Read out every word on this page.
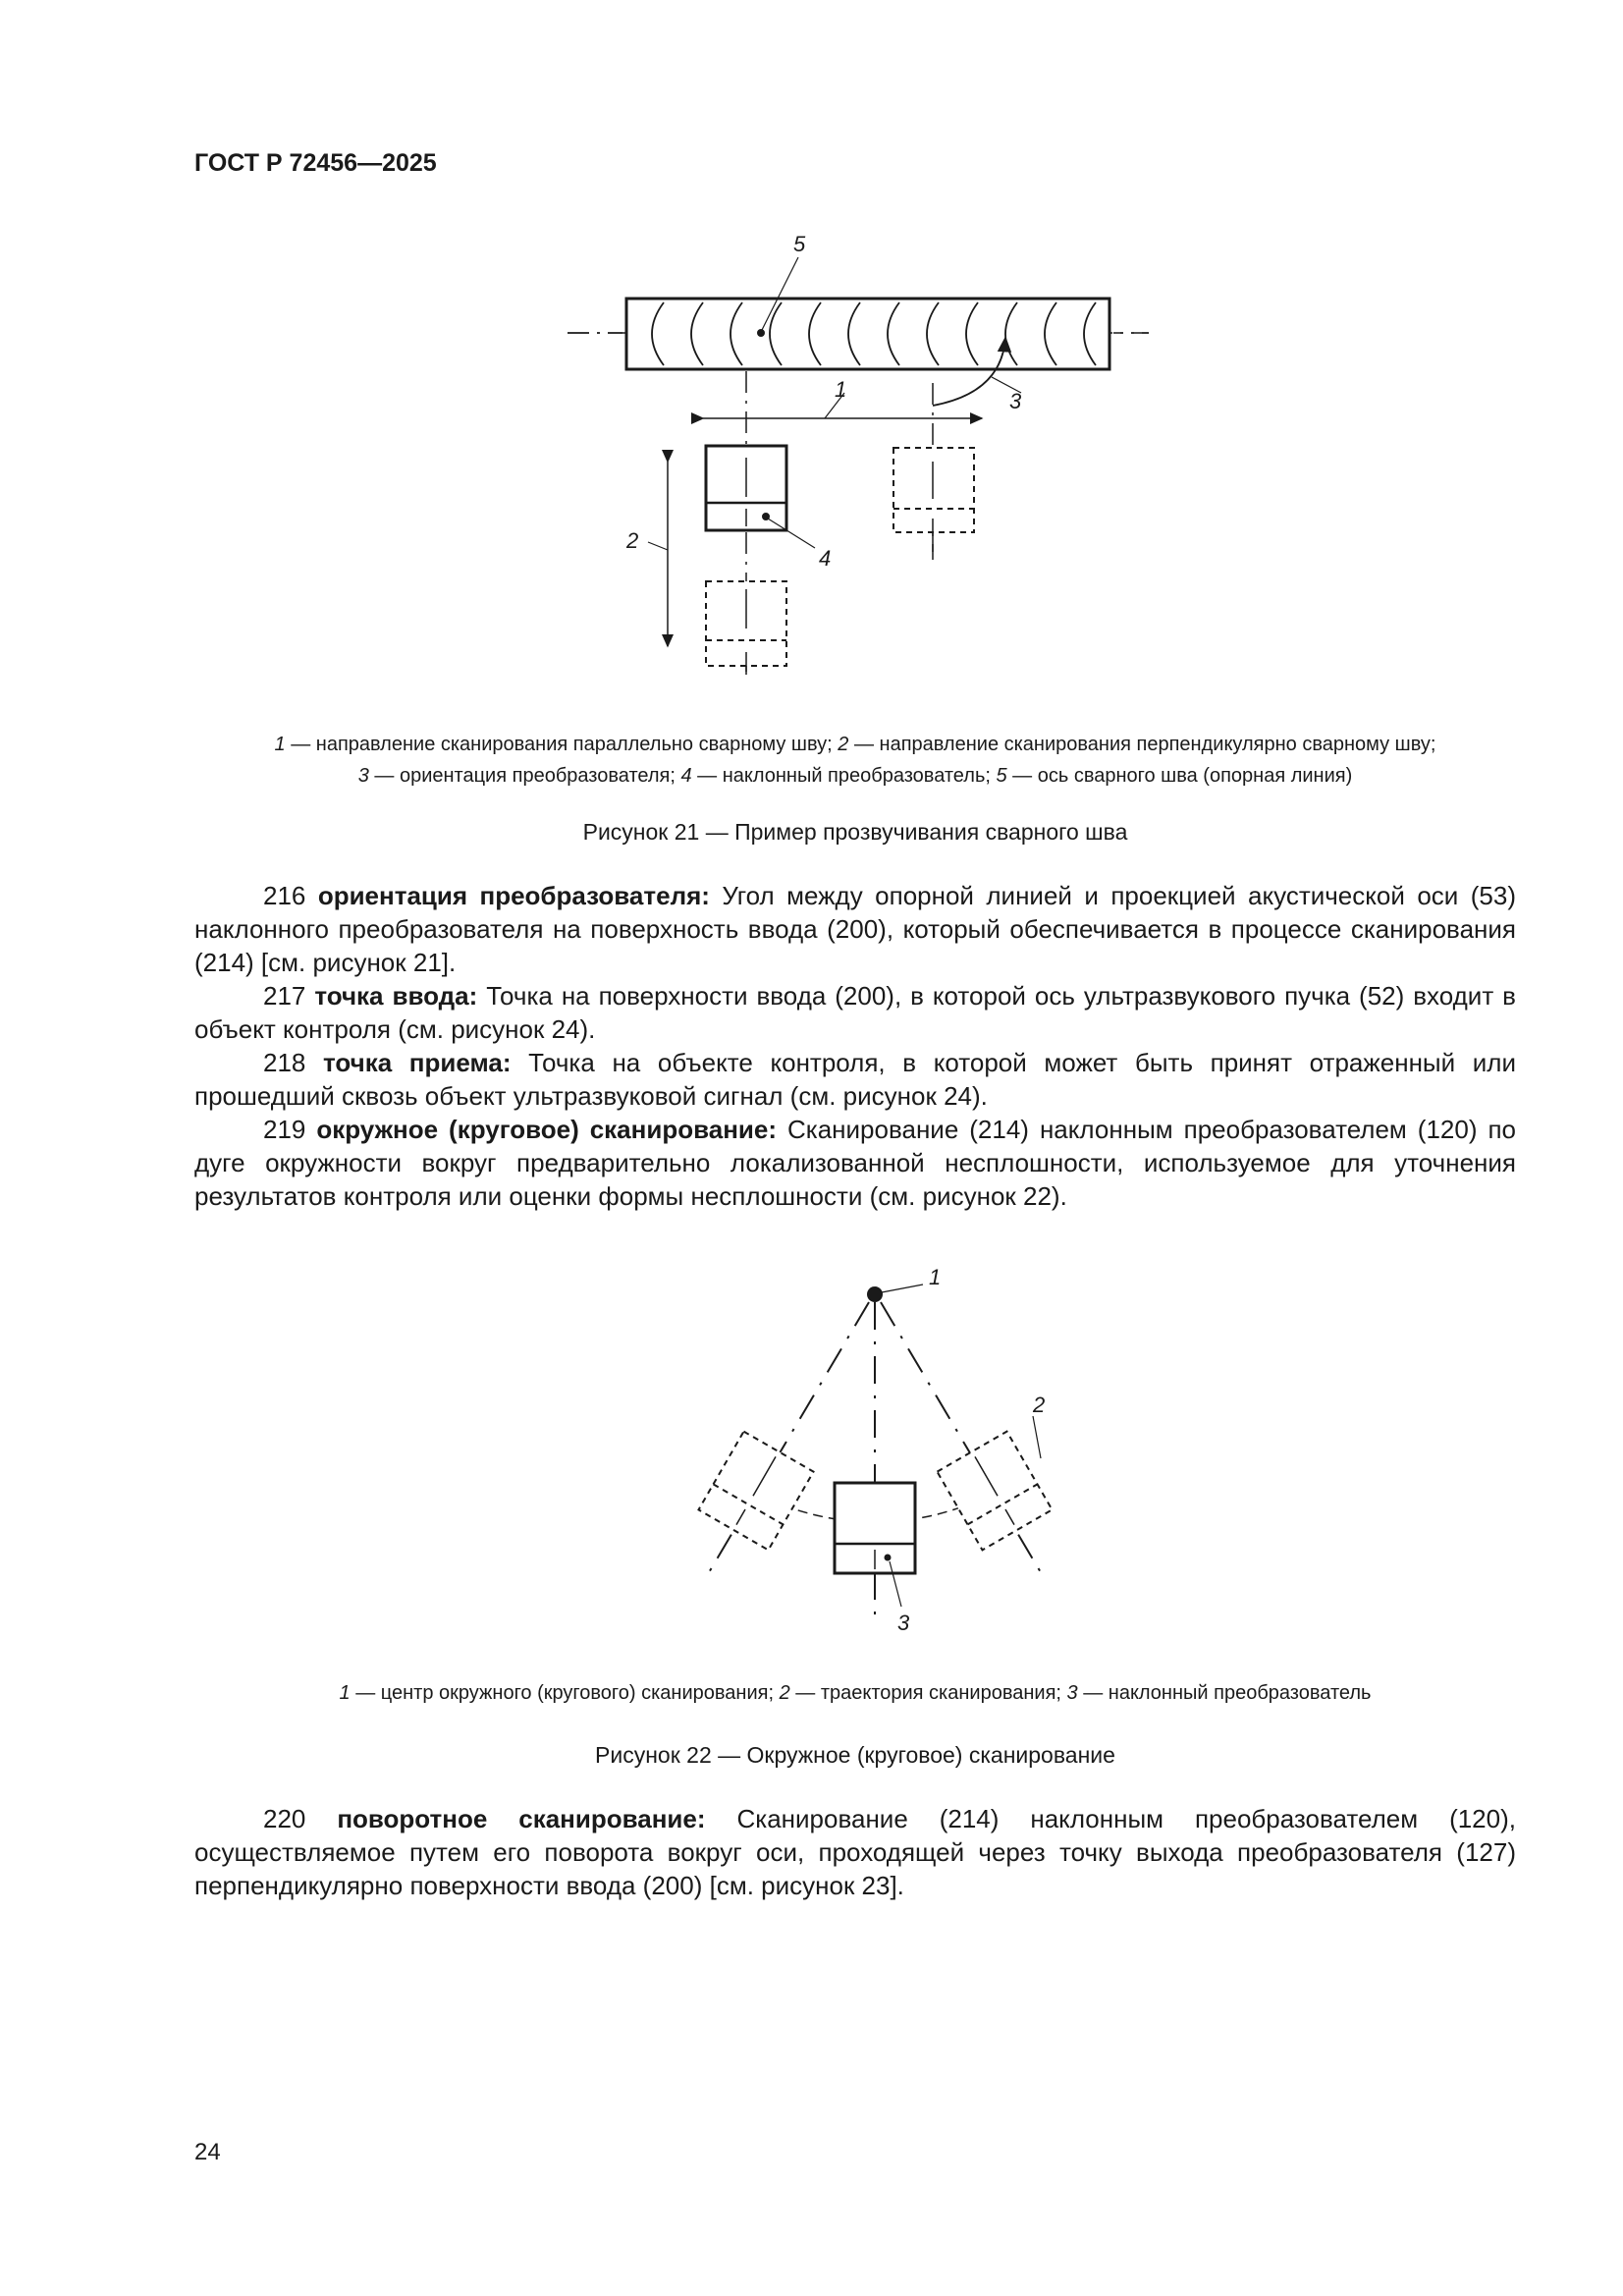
ГОСТ Р 72456—2025
5
1	3
2
4
1 — направление сканирования параллельно сварному шву; 2 — направление сканирования перпендикулярно сварному шву;
3 — ориентация преобразователя; 4 — наклонный преобразователь; 5 — ось сварного шва (опорная линия)
Рисунок 21 — Пример прозвучивания сварного шва

216 ориентация преобразователя: Угол между опорной линией и проекцией акустической оси (53) наклонного преобразователя на поверхность ввода (200), который обеспечивается в процессе сканирования (214) [см. рисунок 21].

217 точка ввода: Точка на поверхности ввода (200), в которой ось ультразвукового пучка (52) входит в объект контроля (см. рисунок 24).

218 точка приема: Точка на объекте контроля, в которой может быть принят отраженный или прошедший сквозь объект ультразвуковой сигнал (см. рисунок 24).

219 окружное (круговое) сканирование: Сканирование (214) наклонным преобразователем (120) по дуге окружности вокруг предварительно локализованной несплошности, используемое для уточнения результатов контроля или оценки формы несплошности (см. рисунок 22).

1
2
3
1 — центр окружного (кругового) сканирования; 2 — траектория сканирования; 3 — наклонный преобразователь
Рисунок 22 — Окружное (круговое) сканирование

220 поворотное сканирование: Сканирование (214) наклонным преобразователем (120), осуществляемое путем его поворота вокруг оси, проходящей через точку выхода преобразователя (127) перпендикулярно поверхности ввода (200) [см. рисунок 23].

24
